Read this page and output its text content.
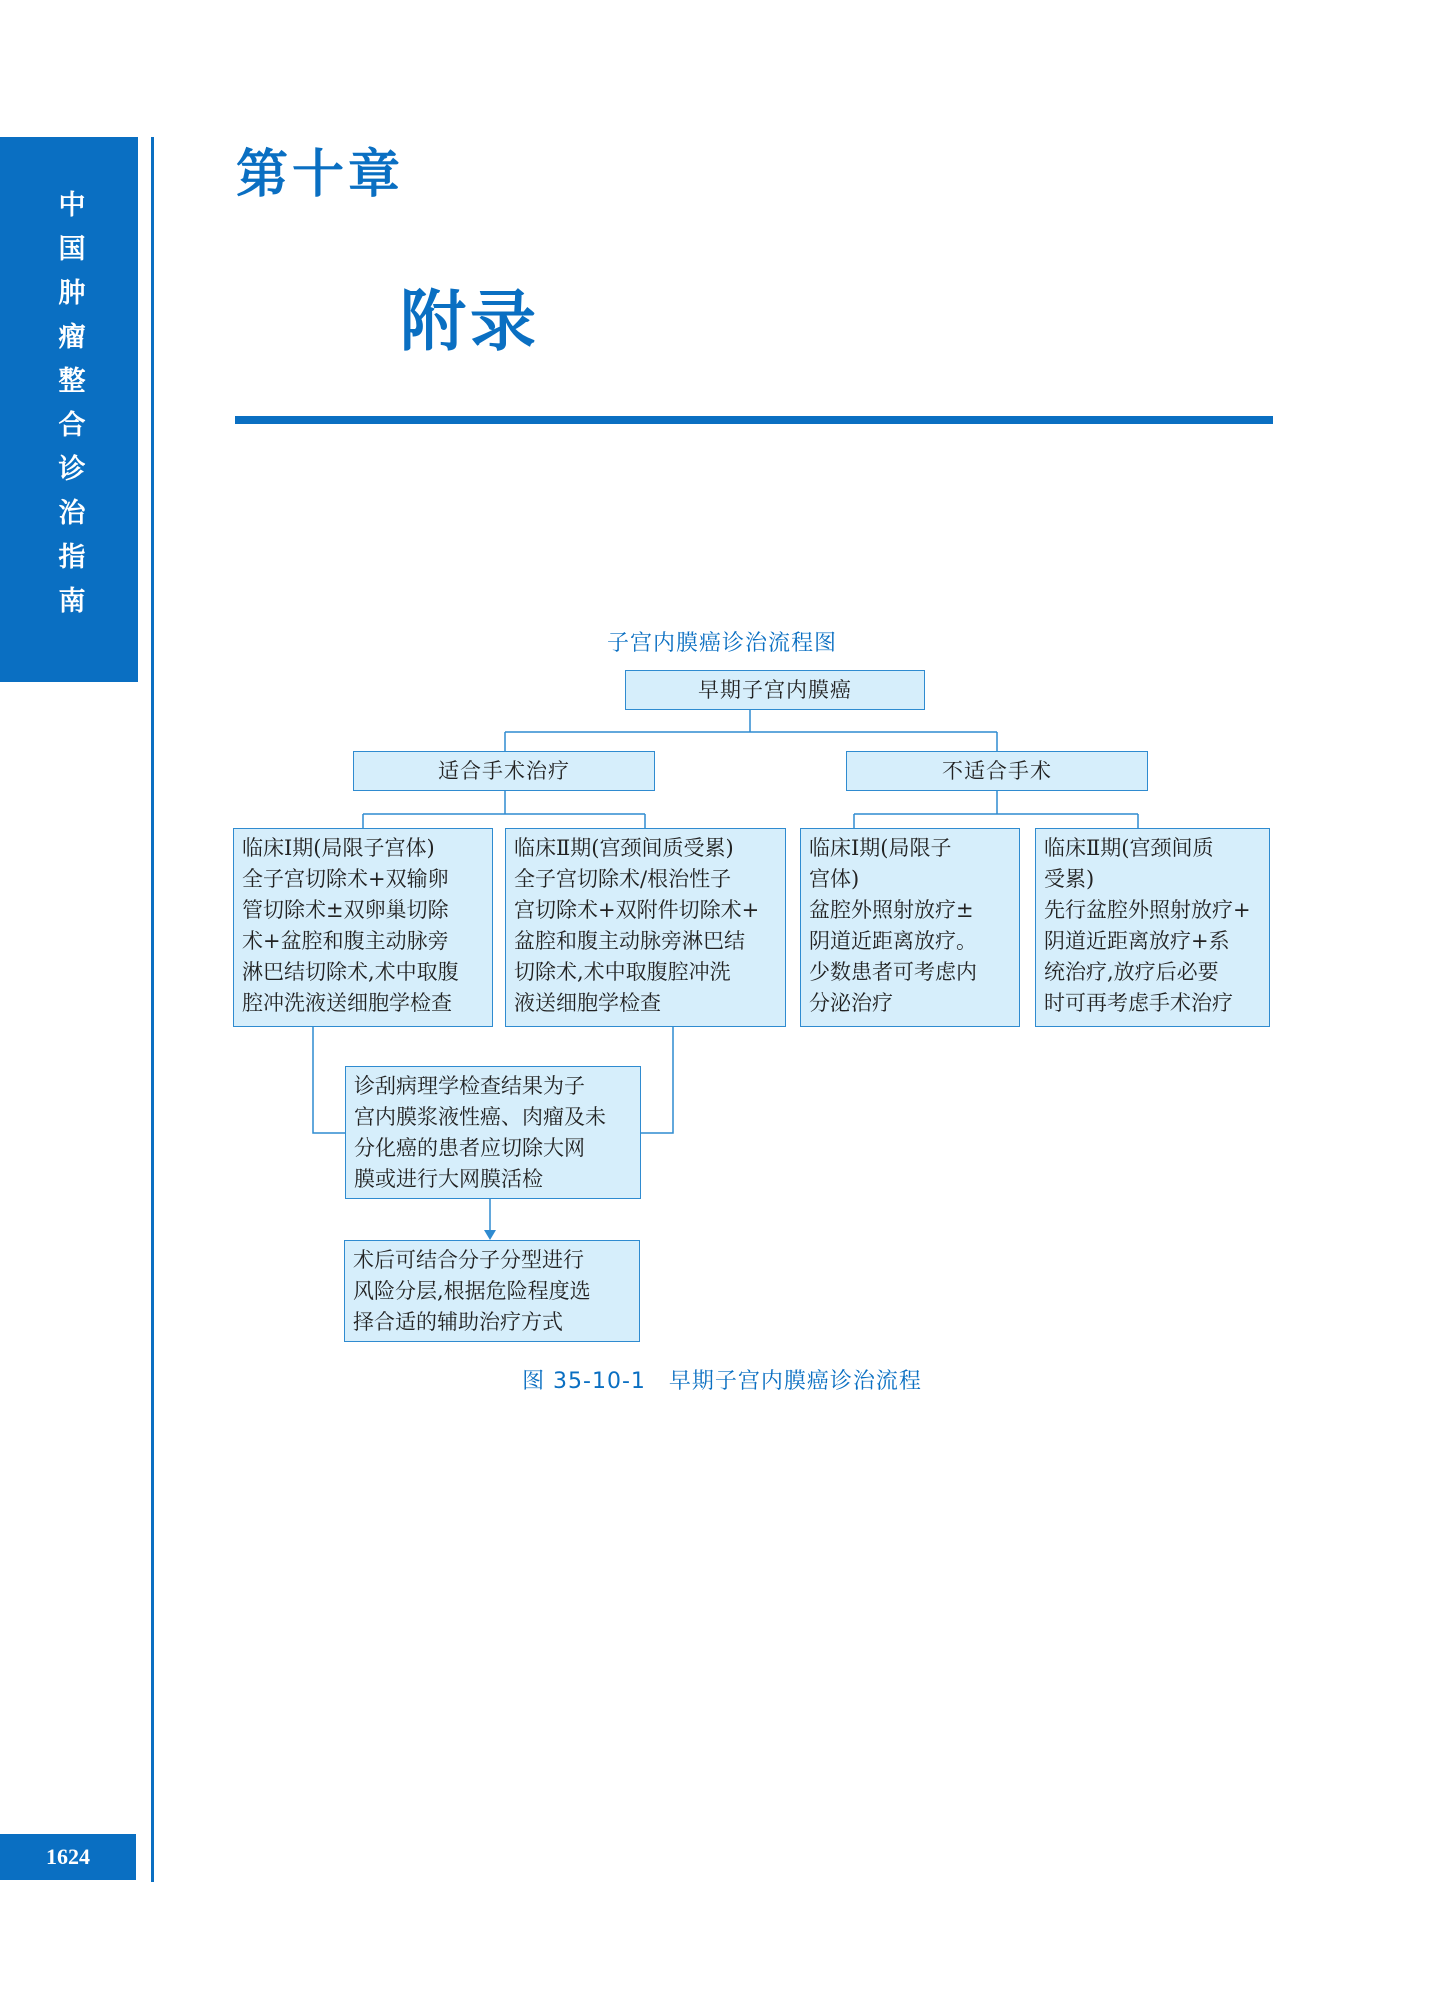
中国肿瘤整合诊治指南
1624
第十章
附录
子宫内膜癌诊治流程图
早期子宫内膜癌
适合手术治疗	不适合手术
临床Ⅰ期(局限子宫体)
全子宫切除术+双输卵
管切除术±双卵巢切除
术+盆腔和腹主动脉旁
淋巴结切除术,术中取腹
腔冲洗液送细胞学检查
临床Ⅱ期(宫颈间质受累)
全子宫切除术/根治性子
宫切除术+双附件切除术+
盆腔和腹主动脉旁淋巴结
切除术,术中取腹腔冲洗
液送细胞学检查
临床Ⅰ期(局限子
宫体)
盆腔外照射放疗±
阴道近距离放疗。
少数患者可考虑内
分泌治疗
临床Ⅱ期(宫颈间质
受累)
先行盆腔外照射放疗+
阴道近距离放疗+系
统治疗,放疗后必要
时可再考虑手术治疗
诊刮病理学检查结果为子
宫内膜浆液性癌、肉瘤及未
分化癌的患者应切除大网
膜或进行大网膜活检
术后可结合分子分型进行
风险分层,根据危险程度选
择合适的辅助治疗方式
图 35-10-1　早期子宫内膜癌诊治流程
